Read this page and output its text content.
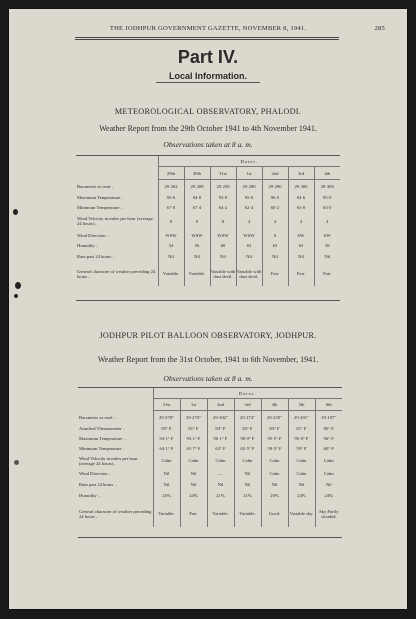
THE JODHPUR GOVERNMENT GAZETTE, NOVEMBER 8, 1941.	285
Part IV.
Local Information.
METEOROLOGICAL OBSERVATORY, PHALODI.
Weather Report from the 29th October 1941 to 4th November 1941.
Observations taken at 8 a. m.
	Dates.						
	29th	30th	31st	1st	2nd	3rd	4th
Barometer as read ..	29·262	29·208	29·258	29·290	29·290	29·306	29·300
Maximum Temperature ..	95·6	94·0	93·0	95·0	96·0	94·6	95·0
Minimum Temperature ..	67·0	67·4	64·2	62·4	60·2	63·0	63·0
Wind Velocity in miles per hour (average 24 hours)..	8	9	8	4	4	4	4
Wind Direction ..	WSW	WSW	WSW	WSW	S	SW	SW
Humidity ..	54	56	60	63	63	63	58
Rain past 24 hours ..	Nil	Nil	Nil	Nil	Nil	Nil	Nil
General character of weather preceding 24 hours ..	Variable.	Variable.	Variable with dust devil.	Variable with dust devil.	Fair.	Fair.	Fair.
JODHPUR PILOT BALLOON OBSERVATORY, JODHPUR.
Weather Report from the 31st October, 1941 to 6th November, 1941.
Observations taken at 8 a. m.
	Dates.						
	31st	1st	2nd	3rd	4th	5th	6th
Barometer as read ..	29·278"	29·270"	29·302"	29·274"	29·250"	29·201"	29·197"
Attached Thermometer ..	85° F	81° F	83° F	83° F	83° F	81° F	80° F
Maximum Temperature ..	94·1° F	93·1° F	96·1° F	98·0° F	95·5° F	95·0° F	96° F
Minimum Temperature ..	64·1° F	65·7° F	62° F	62·5° F	59·5° F	59° F	60° F
Wind Velocity in miles per hour (average 24 hours)..	Calm	Calm	Calm	Calm	Calm	Calm	Calm
Wind Direction ..	Nil	Nil	—	Nil	Calm	Calm	Calm
Rain past 24 hours ..	Nil	Nil	Nil	Nil	Nil	Nil	Nil
Humidity ..	25%	24%	21%	21%	20%	24%	24%
General character of weather preceding 24 hours ..	Variable.	Fair.	Variable.	Variable.	Good.	Variable sky.	Sky Partly clouded.
